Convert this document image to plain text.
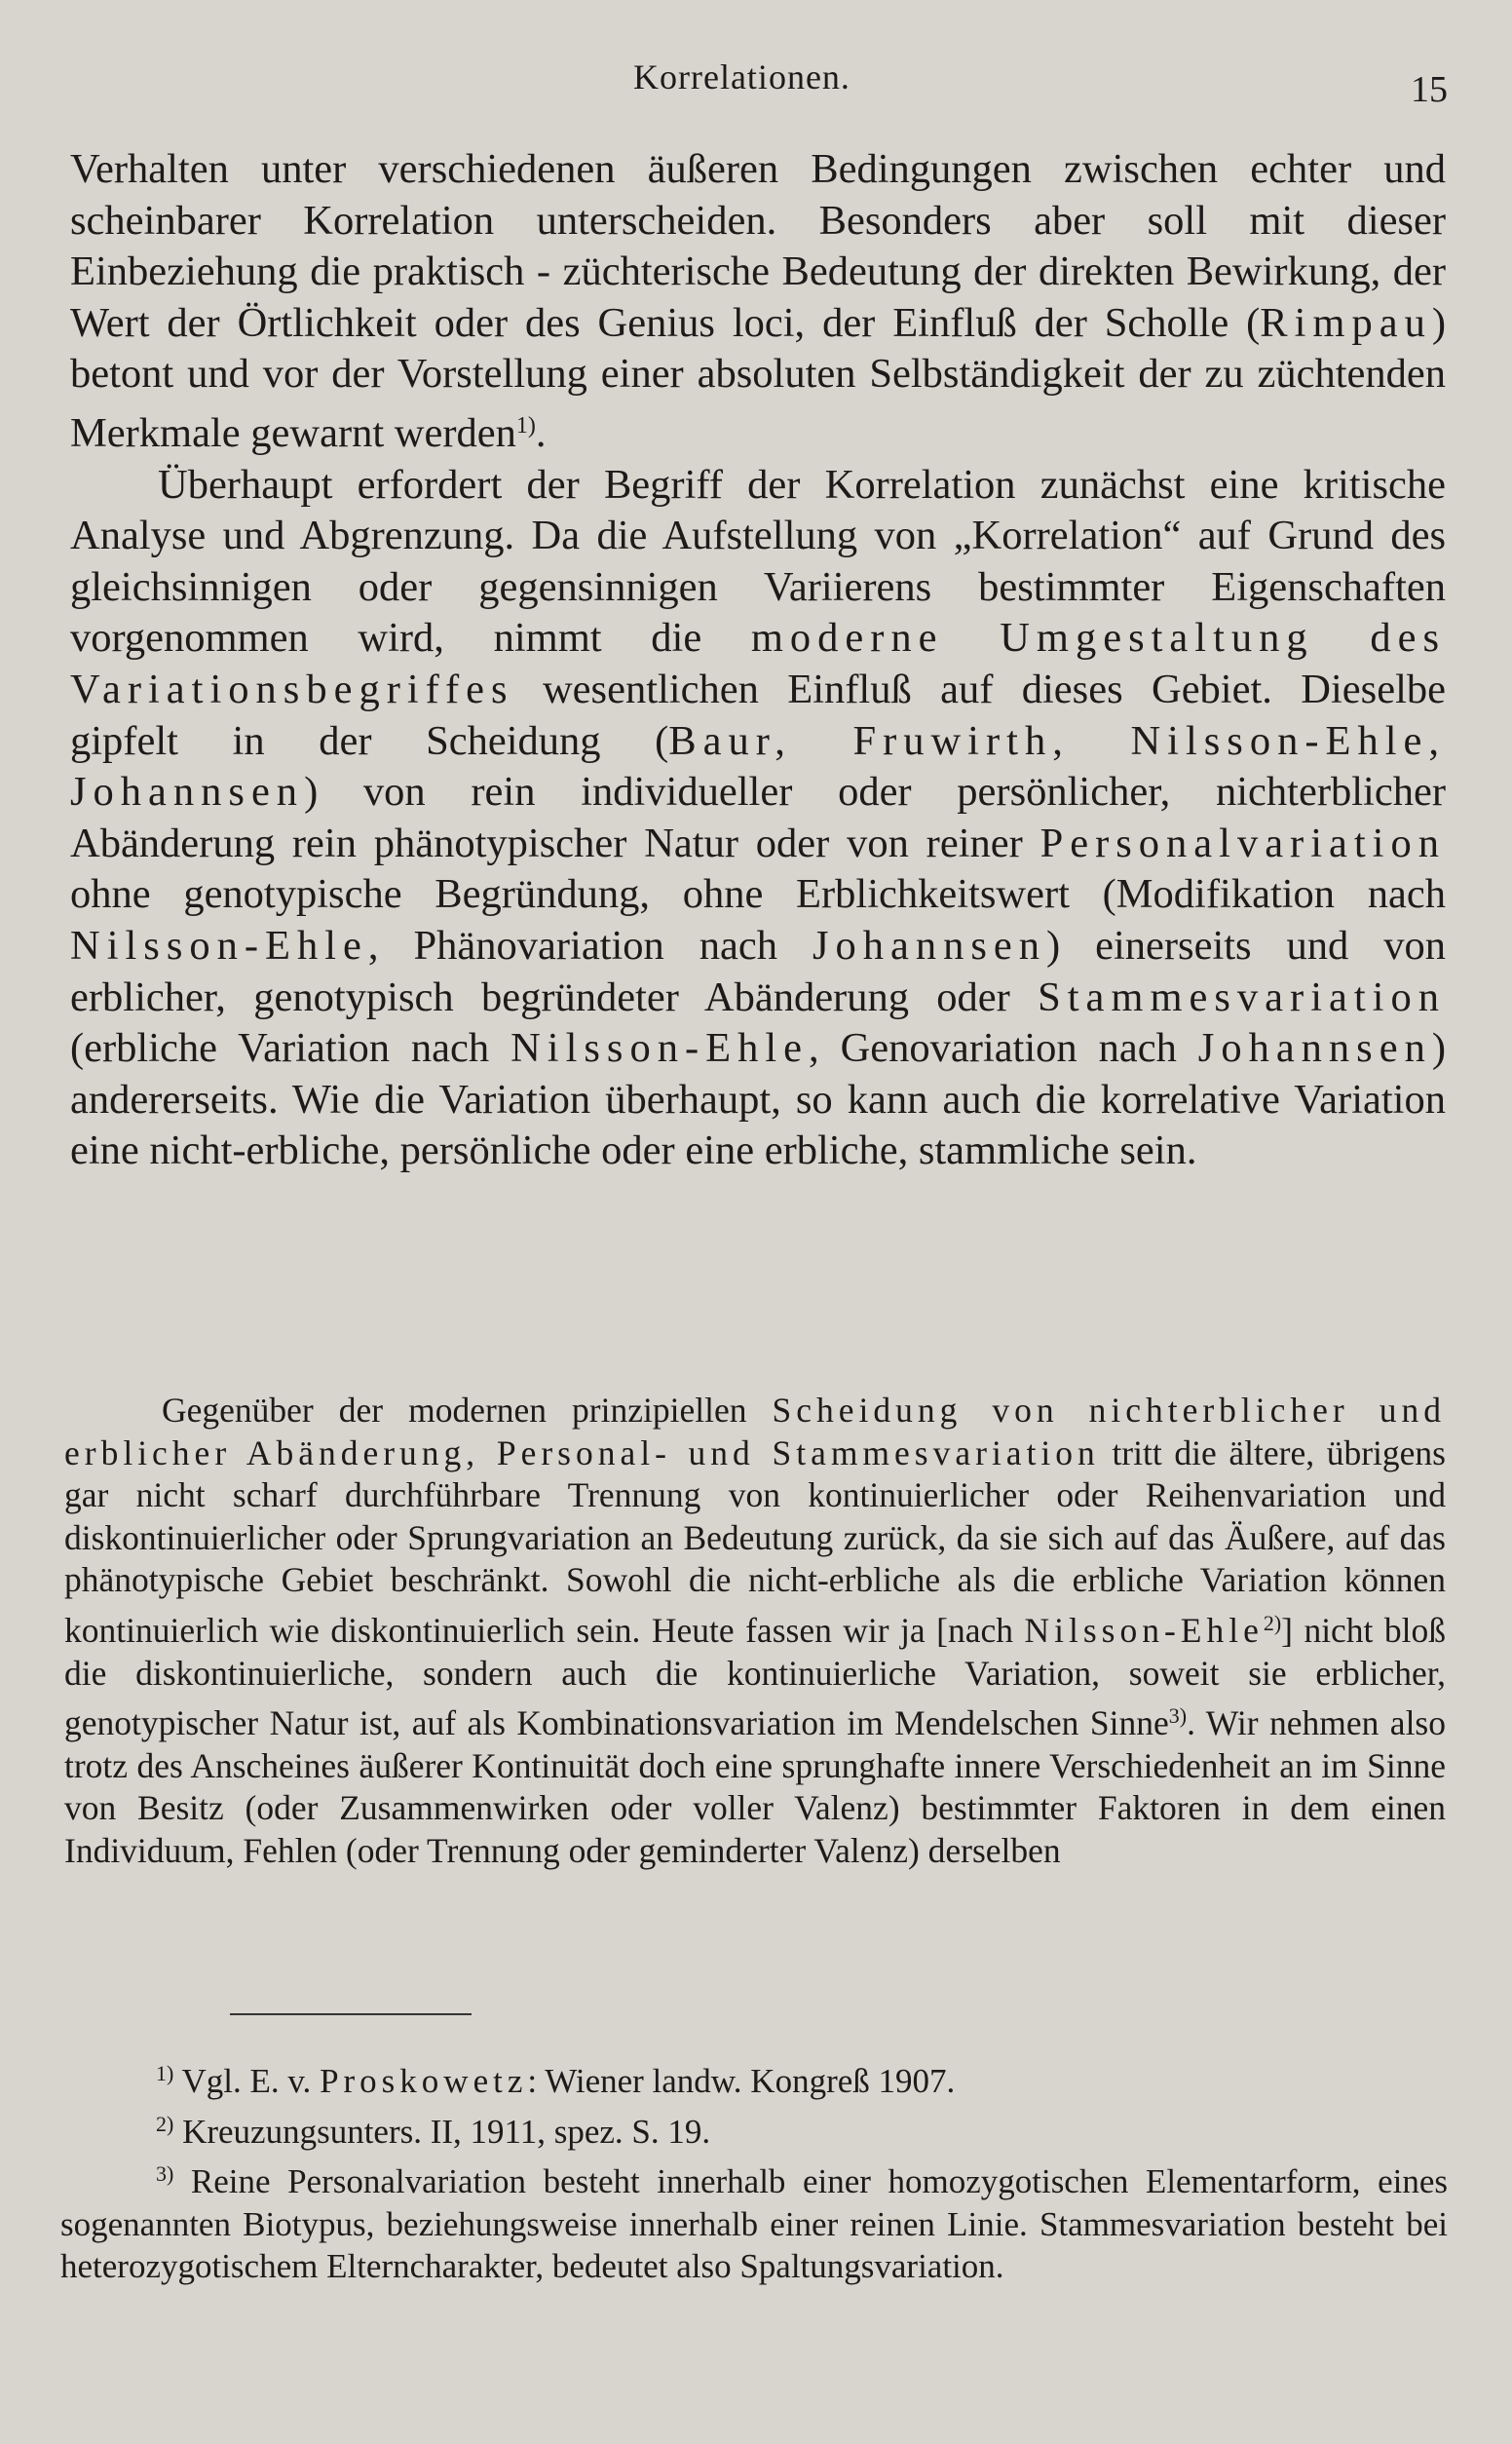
Korrelationen.	15

Verhalten unter verschiedenen äußeren Bedingungen zwischen echter und scheinbarer Korrelation unterscheiden. Besonders aber soll mit dieser Einbeziehung die praktisch - züchterische Bedeutung der direkten Bewirkung, der Wert der Örtlichkeit oder des Genius loci, der Einfluß der Scholle (Rimpau) betont und vor der Vorstellung einer absoluten Selbständigkeit der zu züchtenden Merkmale gewarnt werden$^{1)}$.

Überhaupt erfordert der Begriff der Korrelation zunächst eine kritische Analyse und Abgrenzung. Da die Aufstellung von „Korrelation“ auf Grund des gleichsinnigen oder gegensinnigen Variierens bestimmter Eigenschaften vorgenommen wird, nimmt die moderne Umgestaltung des Variationsbegriffes wesentlichen Einfluß auf dieses Gebiet. Dieselbe gipfelt in der Scheidung (Baur, Fruwirth, Nilsson-Ehle, Johannsen) von rein individueller oder persönlicher, nichterblicher Abänderung rein phänotypischer Natur oder von reiner Personalvariation ohne genotypische Begründung, ohne Erblichkeitswert (Modifikation nach Nilsson-Ehle, Phänovariation nach Johannsen) einerseits und von erblicher, genotypisch begründeter Abänderung oder Stammesvariation (erbliche Variation nach Nilsson-Ehle, Genovariation nach Johannsen) andererseits. Wie die Variation überhaupt, so kann auch die korrelative Variation eine nicht-erbliche, persönliche oder eine erbliche, stammliche sein.

Gegenüber der modernen prinzipiellen Scheidung von nichterblicher und erblicher Abänderung, Personal- und Stammesvariation tritt die ältere, übrigens gar nicht scharf durchführbare Trennung von kontinuierlicher oder Reihenvariation und diskontinuierlicher oder Sprungvariation an Bedeutung zurück, da sie sich auf das Äußere, auf das phänotypische Gebiet beschränkt. Sowohl die nicht-erbliche als die erbliche Variation können kontinuierlich wie diskontinuierlich sein. Heute fassen wir ja [nach Nilsson-Ehle$^{2)}$] nicht bloß die diskontinuierliche, sondern auch die kontinuierliche Variation, soweit sie erblicher, genotypischer Natur ist, auf als Kombinationsvariation im Mendelschen Sinne$^{3)}$. Wir nehmen also trotz des Anscheines äußerer Kontinuität doch eine sprunghafte innere Verschiedenheit an im Sinne von Besitz (oder Zusammenwirken oder voller Valenz) bestimmter Faktoren in dem einen Individuum, Fehlen (oder Trennung oder geminderter Valenz) derselben

$^{1)}$ Vgl. E. v. Proskowetz: Wiener landw. Kongreß 1907.

$^{2)}$ Kreuzungsunters. II, 1911, spez. S. 19.

$^{3)}$ Reine Personalvariation besteht innerhalb einer homozygotischen Elementarform, eines sogenannten Biotypus, beziehungsweise innerhalb einer reinen Linie. Stammesvariation besteht bei heterozygotischem Elterncharakter, bedeutet also Spaltungsvariation.
